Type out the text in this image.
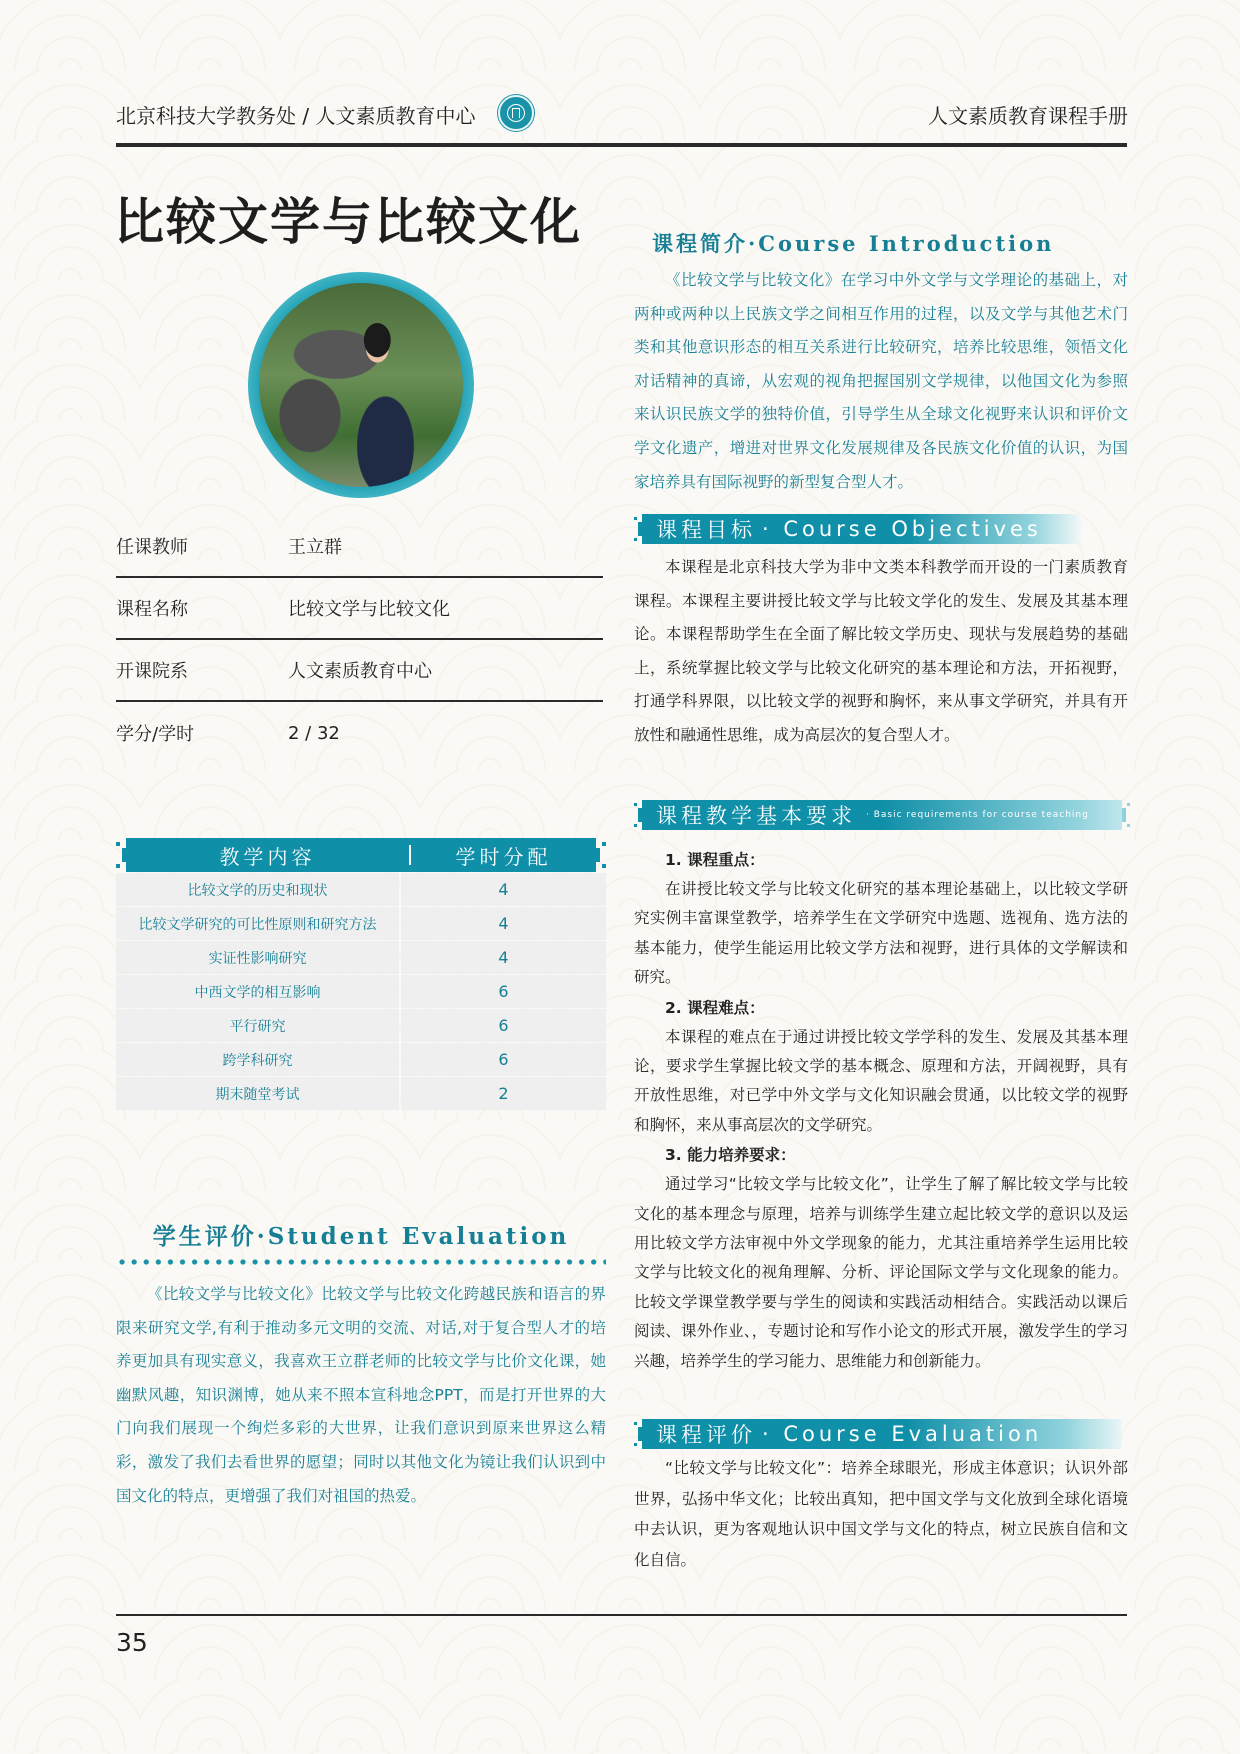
北京科技大学教务处 / 人文素质教育中心	人文素质教育课程手册
比较文学与比较文化
任课教师	王立群
课程名称	比较文学与比较文化
开课院系	人文素质教育中心
学分/学时	2 / 32
教学内容	学时分配
比较文学的历史和现状	4
比较文学研究的可比性原则和研究方法	4
实证性影响研究	4
中西文学的相互影响	6
平行研究	6
跨学科研究	6
期末随堂考试	2
学生评价·Student Evaluation

《比较文学与比较文化》比较文学与比较文化跨越民族和语言的界限来研究文学,有利于推动多元文明的交流、对话,对于复合型人才的培养更加具有现实意义，我喜欢王立群老师的比较文学与比价文化课，她幽默风趣，知识渊博，她从来不照本宣科地念PPT，而是打开世界的大门向我们展现一个绚烂多彩的大世界，让我们意识到原来世界这么精彩，激发了我们去看世界的愿望；同时以其他文化为镜让我们认识到中国文化的特点，更增强了我们对祖国的热爱。

课程简介·Course Introduction

《比较文学与比较文化》在学习中外文学与文学理论的基础上，对两种或两种以上民族文学之间相互作用的过程，以及文学与其他艺术门类和其他意识形态的相互关系进行比较研究，培养比较思维，领悟文化对话精神的真谛，从宏观的视角把握国别文学规律，以他国文化为参照来认识民族文学的独特价值，引导学生从全球文化视野来认识和评价文学文化遗产，增进对世界文化发展规律及各民族文化价值的认识，为国家培养具有国际视野的新型复合型人才。

课程目标 · Course Objectives

本课程是北京科技大学为非中文类本科教学而开设的一门素质教育课程。本课程主要讲授比较文学与比较文学化的发生、发展及其基本理论。本课程帮助学生在全面了解比较文学历史、现状与发展趋势的基础上，系统掌握比较文学与比较文化研究的基本理论和方法，开拓视野，打通学科界限，以比较文学的视野和胸怀，来从事文学研究，并具有开放性和融通性思维，成为高层次的复合型人才。

课程教学基本要求 · Basic requirements for course teaching
1. 课程重点：

在讲授比较文学与比较文化研究的基本理论基础上，以比较文学研究实例丰富课堂教学，培养学生在文学研究中选题、选视角、选方法的基本能力，使学生能运用比较文学方法和视野，进行具体的文学解读和研究。

2. 课程难点：

本课程的难点在于通过讲授比较文学学科的发生、发展及其基本理论，要求学生掌握比较文学的基本概念、原理和方法，开阔视野，具有开放性思维，对已学中外文学与文化知识融会贯通，以比较文学的视野和胸怀，来从事高层次的文学研究。

3. 能力培养要求：

通过学习“比较文学与比较文化”，让学生了解了解比较文学与比较文化的基本理念与原理，培养与训练学生建立起比较文学的意识以及运用比较文学方法审视中外文学现象的能力，尤其注重培养学生运用比较文学与比较文化的视角理解、分析、评论国际文学与文化现象的能力。比较文学课堂教学要与学生的阅读和实践活动相结合。实践活动以课后阅读、课外作业、，专题讨论和写作小论文的形式开展，激发学生的学习兴趣，培养学生的学习能力、思维能力和创新能力。

课程评价 · Course Evaluation

“比较文学与比较文化”：培养全球眼光，形成主体意识；认识外部世界，弘扬中华文化；比较出真知，把中国文学与文化放到全球化语境中去认识，更为客观地认识中国文学与文化的特点，树立民族自信和文化自信。

35
